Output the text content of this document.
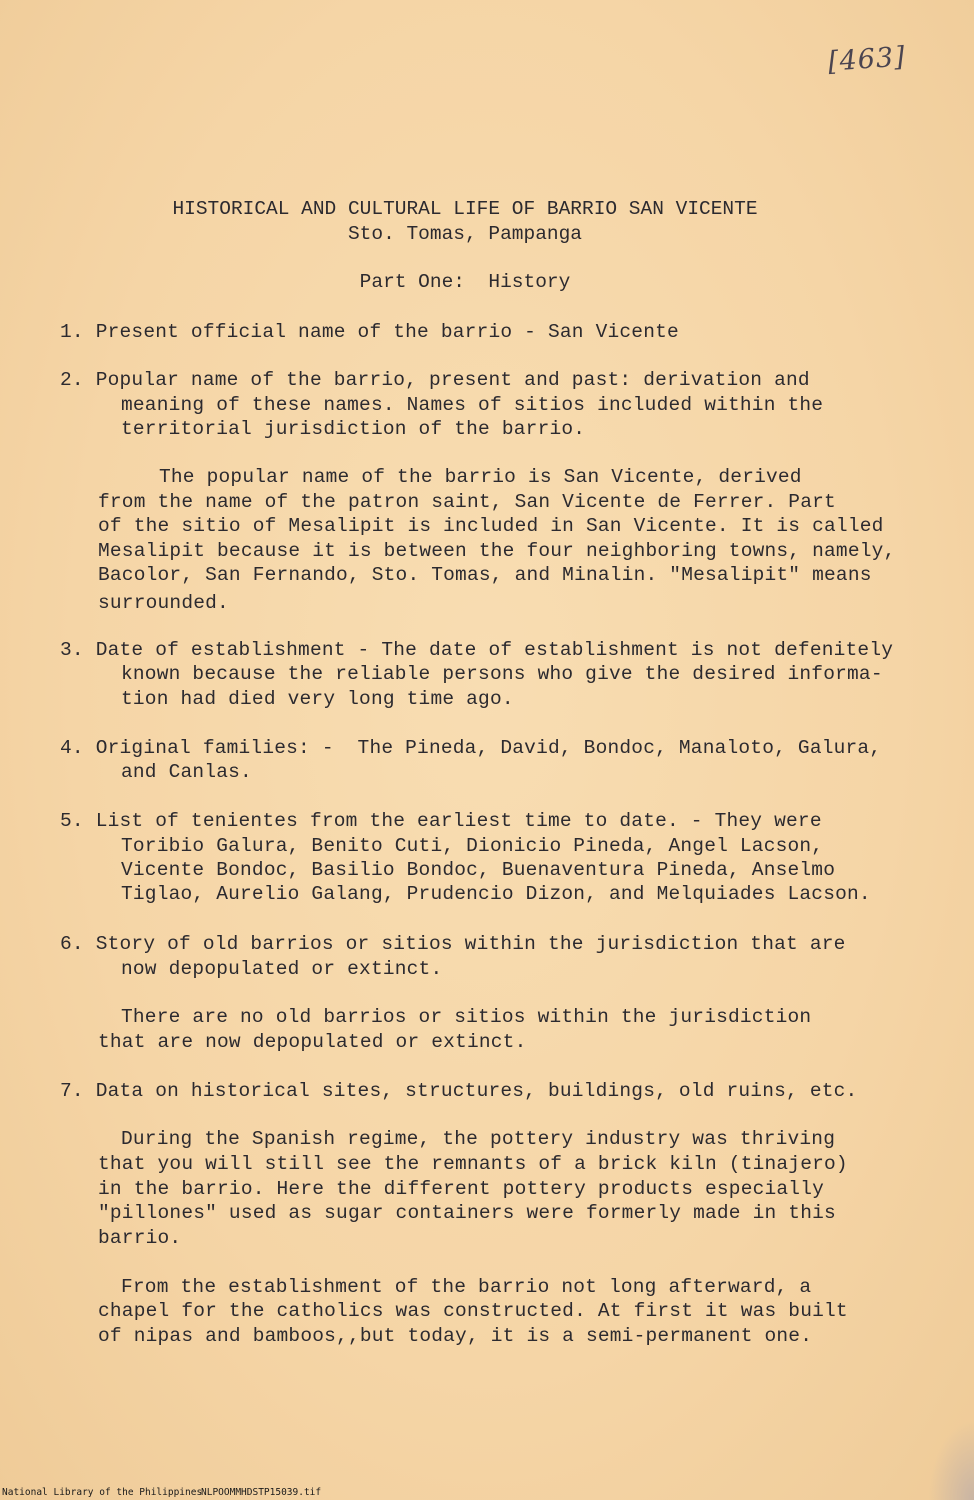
[463]
HISTORICAL AND CULTURAL LIFE OF BARRIO SAN VICENTE
Sto. Tomas, Pampanga
Part One:  History
1. Present official name of the barrio - San Vicente
2. Popular name of the barrio, present and past: derivation and
meaning of these names. Names of sitios included within the
territorial jurisdiction of the barrio.
The popular name of the barrio is San Vicente, derived
from the name of the patron saint, San Vicente de Ferrer. Part
of the sitio of Mesalipit is included in San Vicente. It is called
Mesalipit because it is between the four neighboring towns, namely,
Bacolor, San Fernando, Sto. Tomas, and Minalin. "Mesalipit" means
surrounded.
3. Date of establishment - The date of establishment is not defenitely
known because the reliable persons who give the desired informa-
tion had died very long time ago.
4. Original families: -  The Pineda, David, Bondoc, Manaloto, Galura,
and Canlas.
5. List of tenientes from the earliest time to date. - They were
Toribio Galura, Benito Cuti, Dionicio Pineda, Angel Lacson,
Vicente Bondoc, Basilio Bondoc, Buenaventura Pineda, Anselmo
Tiglao, Aurelio Galang, Prudencio Dizon, and Melquiades Lacson.
6. Story of old barrios or sitios within the jurisdiction that are
now depopulated or extinct.
There are no old barrios or sitios within the jurisdiction
that are now depopulated or extinct.
7. Data on historical sites, structures, buildings, old ruins, etc.
During the Spanish regime, the pottery industry was thriving
that you will still see the remnants of a brick kiln (tinajero)
in the barrio. Here the different pottery products especially
"pillones" used as sugar containers were formerly made in this
barrio.
From the establishment of the barrio not long afterward, a
chapel for the catholics was constructed. At first it was built
of nipas and bamboos,,but today, it is a semi-permanent one.
National Library of the Philippines
NLPOOMMHDSTP15039.tif
